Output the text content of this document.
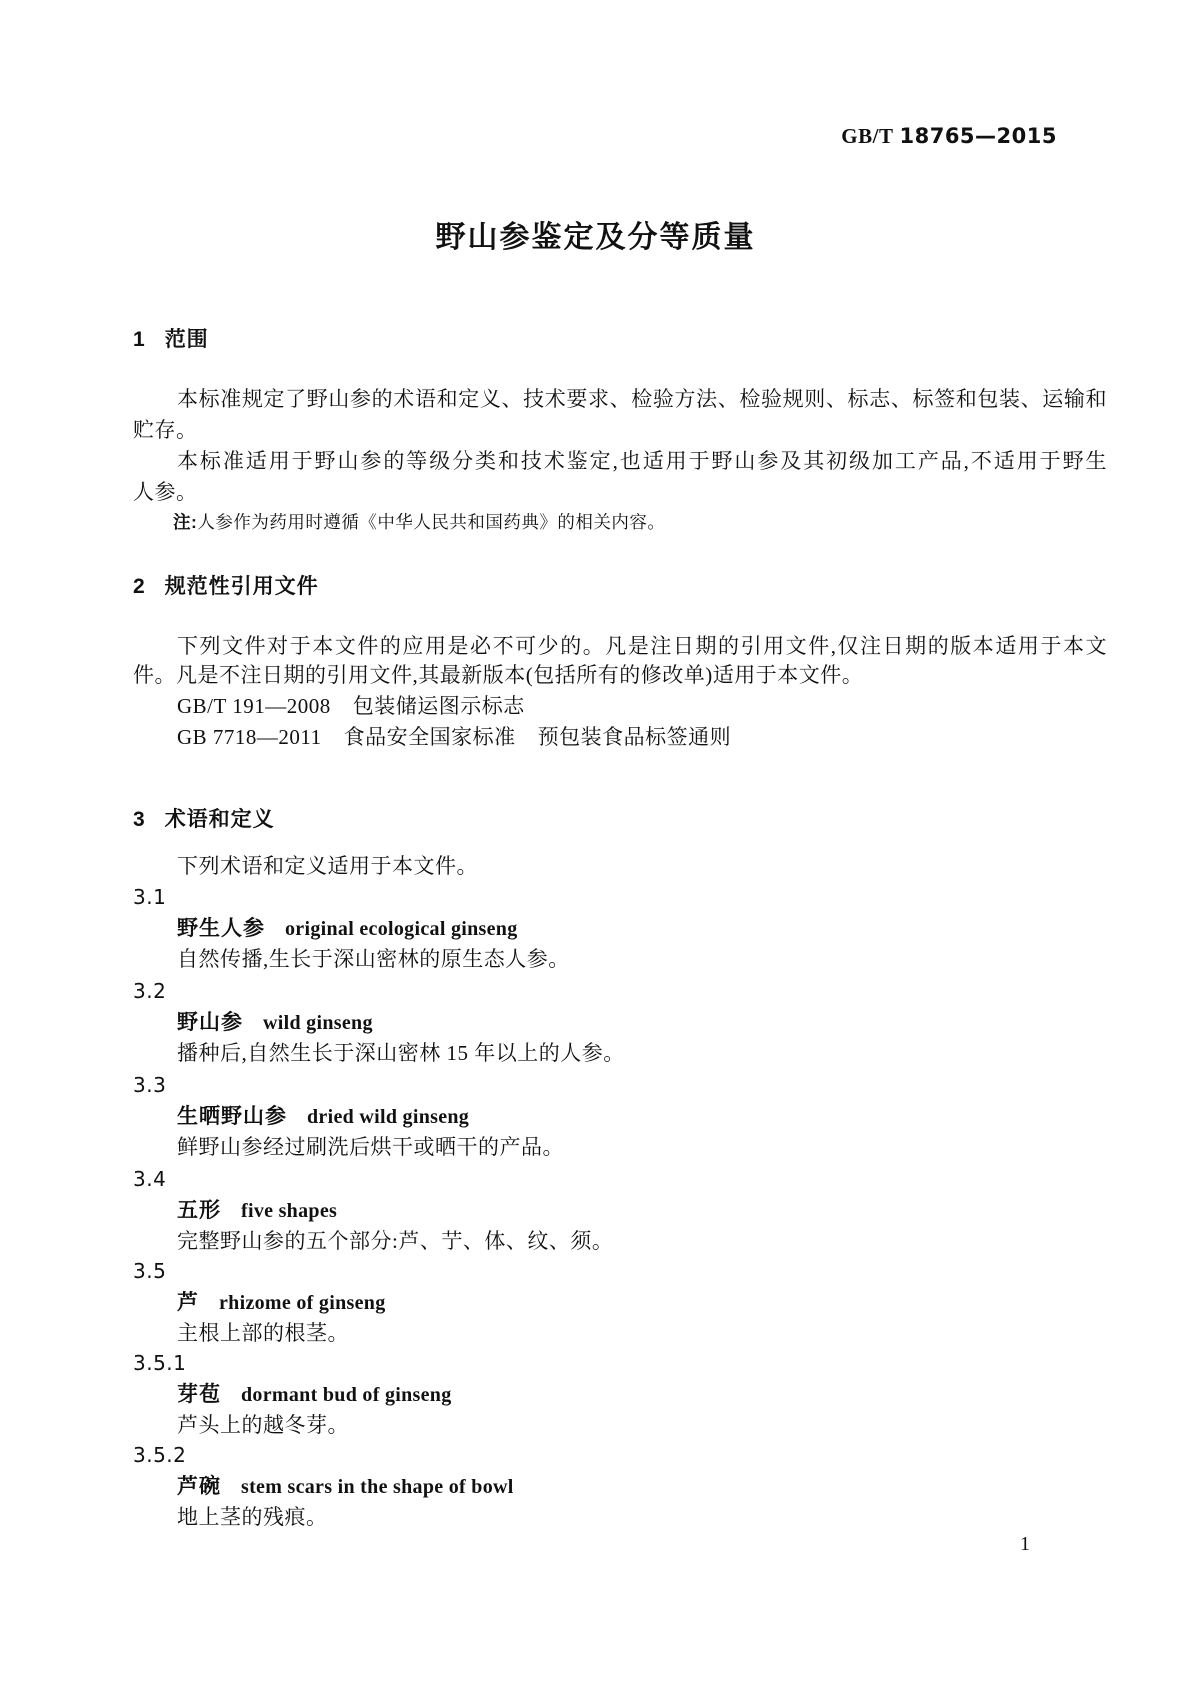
GB/T 18765—2015
野山参鉴定及分等质量
1 范围
本标准规定了野山参的术语和定义、技术要求、检验方法、检验规则、标志、标签和包装、运输和
贮存。
本标准适用于野山参的等级分类和技术鉴定,也适用于野山参及其初级加工产品,不适用于野生
人参。
注:人参作为药用时遵循《中华人民共和国药典》的相关内容。
2 规范性引用文件
下列文件对于本文件的应用是必不可少的。凡是注日期的引用文件,仅注日期的版本适用于本文
件。凡是不注日期的引用文件,其最新版本(包括所有的修改单)适用于本文件。
GB/T 191—2008 包装储运图示标志
GB 7718—2011 食品安全国家标准 预包装食品标签通则
3 术语和定义
下列术语和定义适用于本文件。
3.1
野生人参 original ecological ginseng
自然传播,生长于深山密林的原生态人参。
3.2
野山参 wild ginseng
播种后,自然生长于深山密林 15 年以上的人参。
3.3
生晒野山参 dried wild ginseng
鲜野山参经过刷洗后烘干或晒干的产品。
3.4
五形 five shapes
完整野山参的五个部分:芦、艼、体、纹、须。
3.5
芦 rhizome of ginseng
主根上部的根茎。
3.5.1
芽苞 dormant bud of ginseng
芦头上的越冬芽。
3.5.2
芦碗 stem scars in the shape of bowl
地上茎的残痕。
1
